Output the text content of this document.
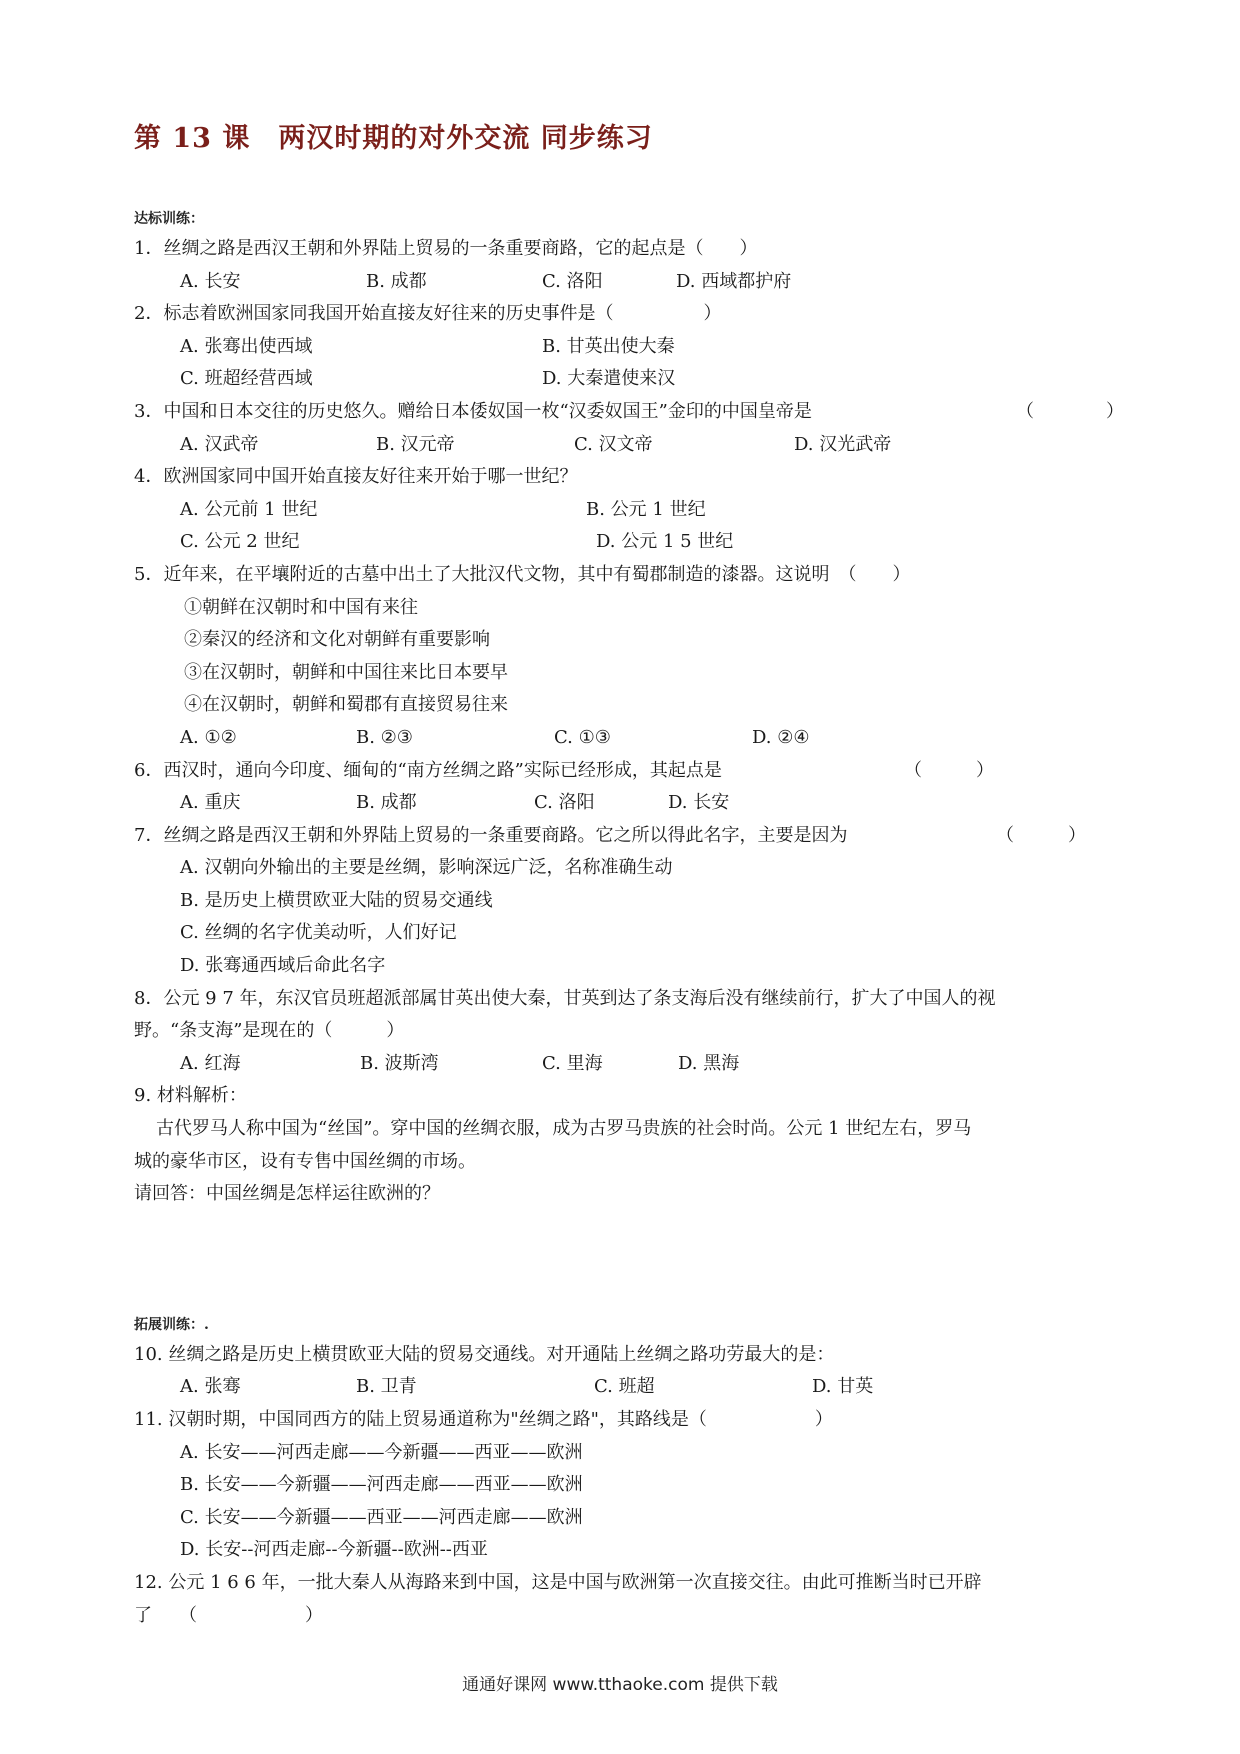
第 13 课　两汉时期的对外交流 同步练习
达标训练：
1．丝绸之路是西汉王朝和外界陆上贸易的一条重要商路，它的起点是（　　）
A. 长安	B. 成都	C. 洛阳	D. 西域都护府
2．标志着欧洲国家同我国开始直接友好往来的历史事件是（　　　　　）
A. 张骞出使西域	B. 甘英出使大秦
C. 班超经营西域	D. 大秦遣使来汉
3．中国和日本交往的历史悠久。赠给日本倭奴国一枚“汉委奴国王”金印的中国皇帝是	（　　　　）
A. 汉武帝	B. 汉元帝	C. 汉文帝	D. 汉光武帝
4．欧洲国家同中国开始直接友好往来开始于哪一世纪？
A. 公元前 1 世纪	B. 公元 1 世纪
C. 公元 2 世纪	D. 公元 1 5 世纪
5．近年来，在平壤附近的古墓中出土了大批汉代文物，其中有蜀郡制造的漆器。这说明　（　　）
①朝鲜在汉朝时和中国有来往
②秦汉的经济和文化对朝鲜有重要影响
③在汉朝时，朝鲜和中国往来比日本要早
④在汉朝时，朝鲜和蜀郡有直接贸易往来
A. ①②	B. ②③	C. ①③	D. ②④
6．西汉时，通向今印度、缅甸的“南方丝绸之路”实际已经形成，其起点是	（　　　）
A. 重庆	B. 成都	C. 洛阳	D. 长安
7．丝绸之路是西汉王朝和外界陆上贸易的一条重要商路。它之所以得此名字，主要是因为	（　　　）
A. 汉朝向外输出的主要是丝绸，影响深远广泛，名称准确生动
B. 是历史上横贯欧亚大陆的贸易交通线
C. 丝绸的名字优美动听，人们好记
D. 张骞通西域后命此名字
8．公元 9 7 年，东汉官员班超派部属甘英出使大秦，甘英到达了条支海后没有继续前行，扩大了中国人的视
野。“条支海”是现在的（　　　）
A. 红海	B. 波斯湾	C. 里海	D. 黑海
9. 材料解析：
古代罗马人称中国为“丝国”。穿中国的丝绸衣服，成为古罗马贵族的社会时尚。公元 1 世纪左右，罗马
城的豪华市区，设有专售中国丝绸的市场。
请回答：中国丝绸是怎样运往欧洲的？
拓展训练：.
10. 丝绸之路是历史上横贯欧亚大陆的贸易交通线。对开通陆上丝绸之路功劳最大的是：
A. 张骞	B. 卫青	C. 班超	D. 甘英
11. 汉朝时期，中国同西方的陆上贸易通道称为"丝绸之路"，其路线是（　　　　　　）
A. 长安——河西走廊——今新疆——西亚——欧洲
B. 长安——今新疆——河西走廊——西亚——欧洲
C. 长安——今新疆——西亚——河西走廊——欧洲
D. 长安--河西走廊--今新疆--欧洲--西亚
12. 公元 1 6 6 年，一批大秦人从海路来到中国，这是中国与欧洲第一次直接交往。由此可推断当时已开辟
了　　（　　　　　　）
通通好课网 www.tthaoke.com 提供下载
